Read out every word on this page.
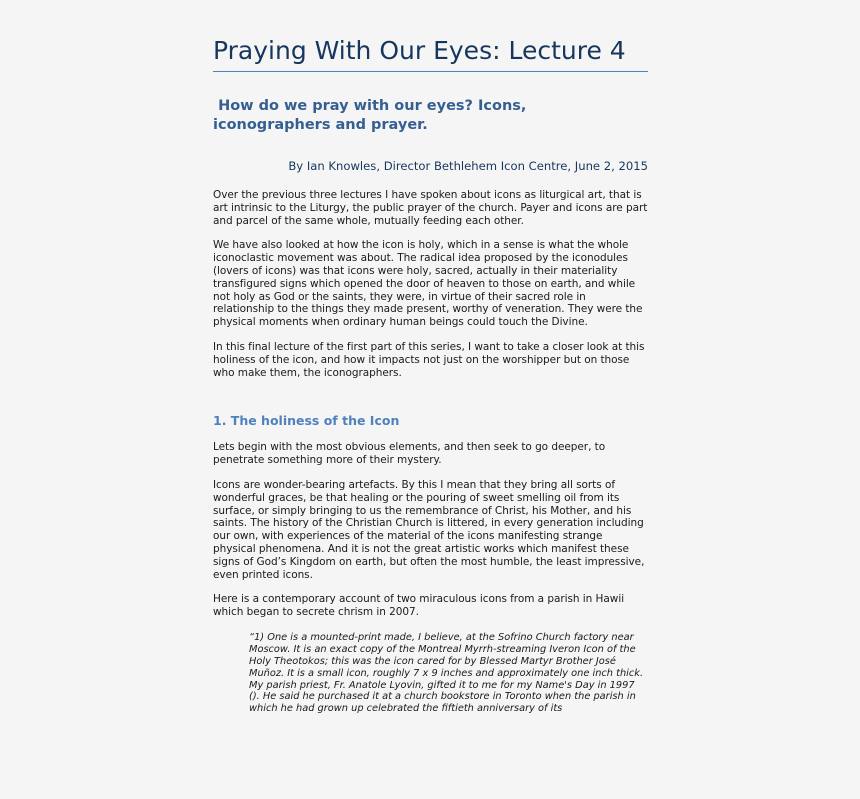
Praying With Our Eyes: Lecture 4
How do we pray with our eyes? Icons, iconographers and prayer.

By Ian Knowles, Director Bethlehem Icon Centre, June 2, 2015

Over the previous three lectures I have spoken about icons as liturgical art, that is art intrinsic to the Liturgy, the public prayer of the church. Payer and icons are part and parcel of the same whole, mutually feeding each other.

We have also looked at how the icon is holy, which in a sense is what the whole iconoclastic movement was about. The radical idea proposed by the iconodules (lovers of icons) was that icons were holy, sacred, actually in their materiality transfigured signs which opened the door of heaven to those on earth, and while not holy as God or the saints, they were, in virtue of their sacred role in relationship to the things they made present, worthy of veneration. They were the physical moments when ordinary human beings could touch the Divine.

In this final lecture of the first part of this series, I want to take a closer look at this holiness of the icon, and how it impacts not just on the worshipper but on those who make them, the iconographers.

1. The holiness of the Icon

Lets begin with the most obvious elements, and then seek to go deeper, to penetrate something more of their mystery.

Icons are wonder-bearing artefacts. By this I mean that they bring all sorts of wonderful graces, be that healing or the pouring of sweet smelling oil from its surface, or simply bringing to us the remembrance of Christ, his Mother, and his saints. The history of the Christian Church is littered, in every generation including our own, with experiences of the material of the icons manifesting strange physical phenomena. And it is not the great artistic works which manifest these signs of God’s Kingdom on earth, but often the most humble, the least impressive, even printed icons.

Here is a contemporary account of two miraculous icons from a parish in Hawii which began to secrete chrism in 2007.

“1) One is a mounted-print made, I believe, at the Sofrino Church factory near Moscow. It is an exact copy of the Montreal Myrrh-streaming Iveron Icon of the Holy Theotokos; this was the icon cared for by Blessed Martyr Brother José Muñoz. It is a small icon, roughly 7 x 9 inches and approximately one inch thick. My parish priest, Fr. Anatole Lyovin, gifted it to me for my Name's Day in 1997 (). He said he purchased it at a church bookstore in Toronto when the parish in which he had grown up celebrated the fiftieth anniversary of its
